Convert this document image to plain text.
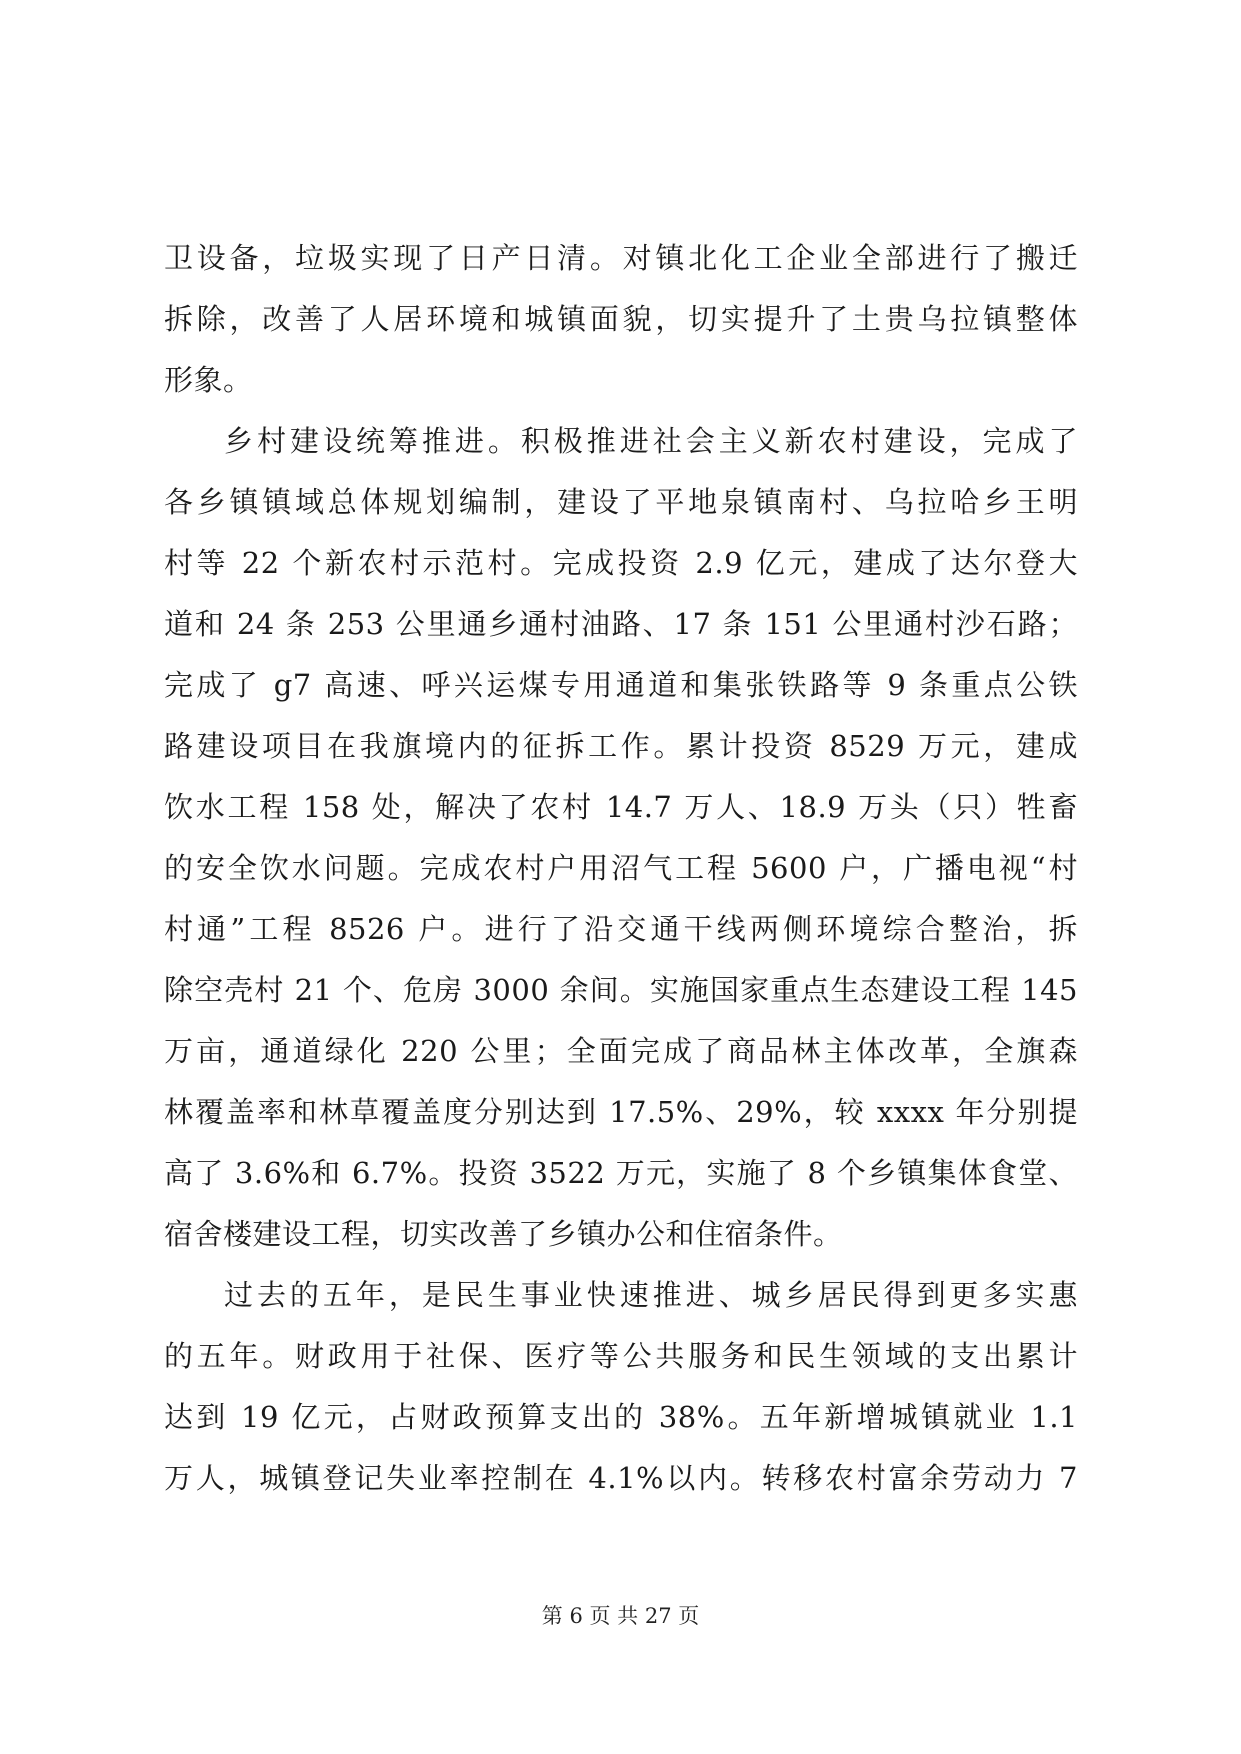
卫设备，垃圾实现了日产日清。对镇北化工企业全部进行了搬迁
拆除，改善了人居环境和城镇面貌，切实提升了土贵乌拉镇整体
形象。
乡村建设统筹推进。积极推进社会主义新农村建设，完成了
各乡镇镇域总体规划编制，建设了平地泉镇南村、乌拉哈乡王明
村等 22 个新农村示范村。完成投资 2.9 亿元，建成了达尔登大
道和 24 条 253 公里通乡通村油路、17 条 151 公里通村沙石路；
完成了 g7 高速、呼兴运煤专用通道和集张铁路等 9 条重点公铁
路建设项目在我旗境内的征拆工作。累计投资 8529 万元，建成
饮水工程 158 处，解决了农村 14.7 万人、18.9 万头（只）牲畜
的安全饮水问题。完成农村户用沼气工程 5600 户，广播电视“村
村通”工程 8526 户。进行了沿交通干线两侧环境综合整治，拆
除空壳村 21 个、危房 3000 余间。实施国家重点生态建设工程 145
万亩，通道绿化 220 公里；全面完成了商品林主体改革，全旗森
林覆盖率和林草覆盖度分别达到 17.5%、29%，较 xxxx 年分别提
高了 3.6%和 6.7%。投资 3522 万元，实施了 8 个乡镇集体食堂、
宿舍楼建设工程，切实改善了乡镇办公和住宿条件。
过去的五年，是民生事业快速推进、城乡居民得到更多实惠
的五年。财政用于社保、医疗等公共服务和民生领域的支出累计
达到 19 亿元，占财政预算支出的 38%。五年新增城镇就业 1.1
万人，城镇登记失业率控制在 4.1%以内。转移农村富余劳动力 7
第 6 页 共 27 页
